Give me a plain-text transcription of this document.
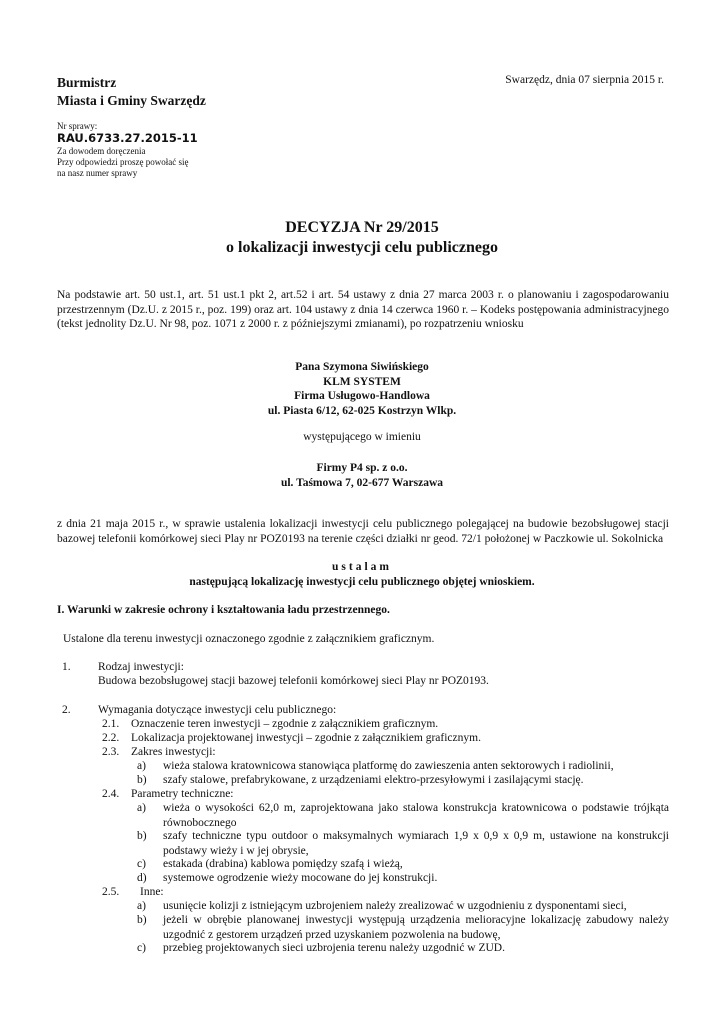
Burmistrz
Miasta i Gminy Swarzędz
Swarzędz, dnia 07 sierpnia 2015 r.
Nr sprawy:
RAU.6733.27.2015-11
Za dowodem doręczenia
Przy odpowiedzi proszę powołać się
na nasz numer sprawy
DECYZJA Nr 29/2015
o lokalizacji inwestycji celu publicznego
Na podstawie art. 50 ust.1, art. 51 ust.1 pkt 2, art.52 i art. 54 ustawy z dnia 27 marca 2003 r. o planowaniu i zagospodarowaniu przestrzennym (Dz.U. z 2015 r., poz. 199) oraz art. 104 ustawy z dnia 14 czerwca 1960 r. – Kodeks postępowania administracyjnego (tekst jednolity Dz.U. Nr 98, poz. 1071 z 2000 r. z późniejszymi zmianami), po rozpatrzeniu wniosku
Pana Szymona Siwińskiego
KLM SYSTEM
Firma Usługowo-Handlowa
ul. Piasta 6/12, 62-025 Kostrzyn Wlkp.
występującego w imieniu
Firmy P4 sp. z o.o.
ul. Taśmowa 7, 02-677 Warszawa
z dnia 21 maja 2015 r., w sprawie ustalenia lokalizacji inwestycji celu publicznego polegającej na budowie bezobsługowej stacji bazowej telefonii komórkowej sieci Play nr POZ0193 na terenie części działki nr geod. 72/1 położonej w Paczkowie ul. Sokolnicka
ustalam
następującą lokalizację inwestycji celu publicznego objętej wnioskiem.
I. Warunki w zakresie ochrony i kształtowania ładu przestrzennego.
Ustalone dla terenu inwestycji oznaczonego zgodnie z załącznikiem graficznym.
1. Rodzaj inwestycji:
Budowa bezobsługowej stacji bazowej telefonii komórkowej sieci Play nr POZ0193.
2. Wymagania dotyczące inwestycji celu publicznego:
2.1. Oznaczenie teren inwestycji – zgodnie z załącznikiem graficznym.
2.2. Lokalizacja projektowanej inwestycji – zgodnie z załącznikiem graficznym.
2.3. Zakres inwestycji:
a) wieża stalowa kratownicowa stanowiąca platformę do zawieszenia anten sektorowych i radiolinii,
b) szafy stalowe, prefabrykowane, z urządzeniami elektro-przesyłowymi i zasilającymi stację.
2.4. Parametry techniczne:
a) wieża o wysokości 62,0 m, zaprojektowana jako stalowa konstrukcja kratownicowa o podstawie trójkąta równobocznego
b) szafy techniczne typu outdoor o maksymalnych wymiarach 1,9 x 0,9 x 0,9 m, ustawione na konstrukcji podstawy wieży i w jej obrysie,
c) estakada (drabina) kablowa pomiędzy szafą i wieżą,
d) systemowe ogrodzenie wieży mocowane do jej konstrukcji.
2.5. Inne:
a) usunięcie kolizji z istniejącym uzbrojeniem należy zrealizować w uzgodnieniu z dysponentami sieci,
b) jeżeli w obrębie planowanej inwestycji występują urządzenia melioracyjne lokalizację zabudowy należy uzgodnić z gestorem urządzeń przed uzyskaniem pozwolenia na budowę,
c) przebieg projektowanych sieci uzbrojenia terenu należy uzgodnić w ZUD.
